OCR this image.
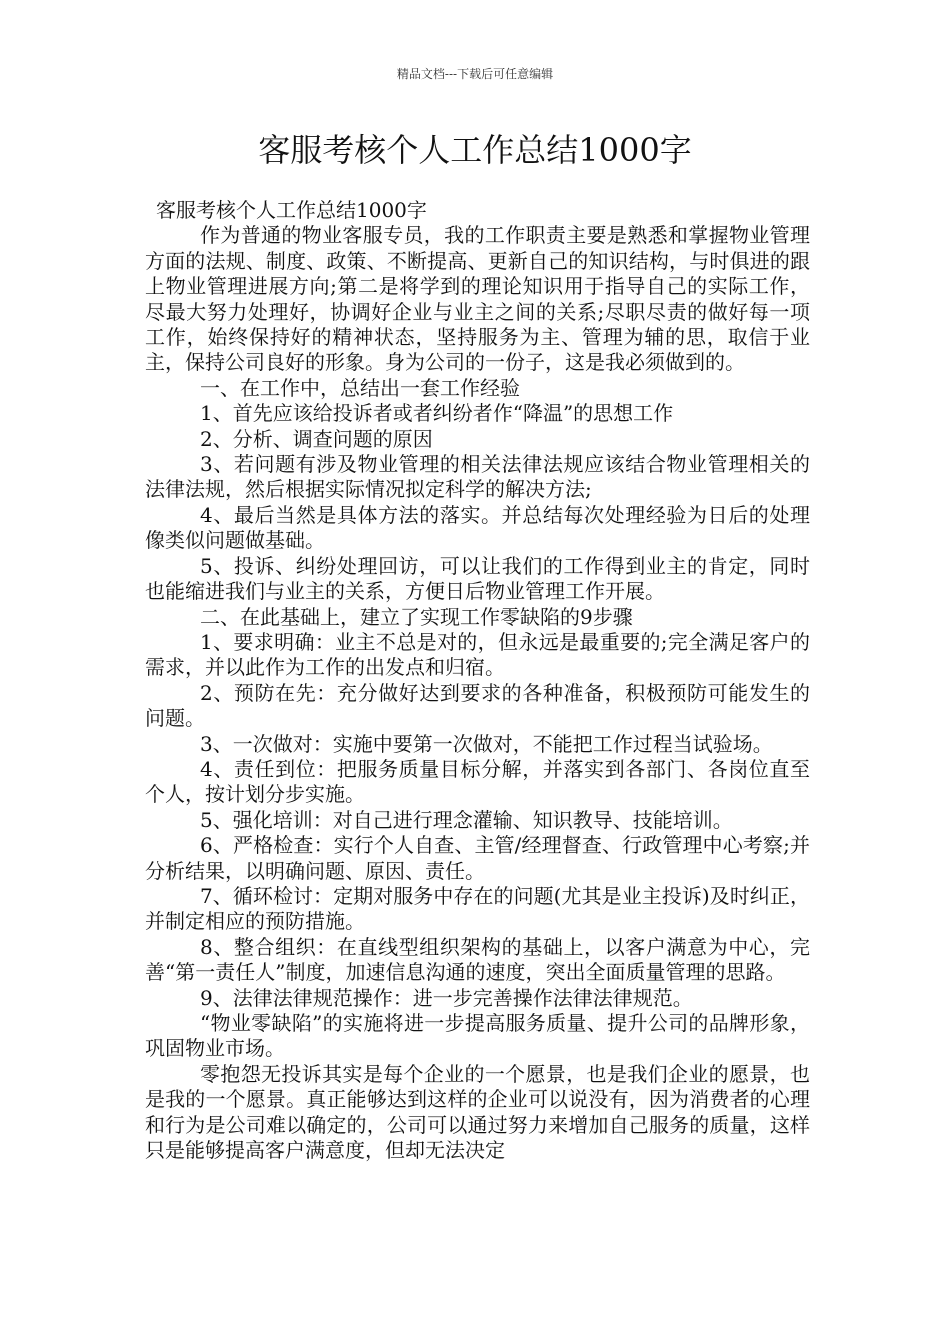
精品文档---下载后可任意编辑
客服考核个人工作总结1000字

客服考核个人工作总结1000字

作为普通的物业客服专员，我的工作职责主要是熟悉和掌握物业管理方面的法规、制度、政策、不断提高、更新自己的知识结构，与时俱进的跟上物业管理进展方向;第二是将学到的理论知识用于指导自己的实际工作，尽最大努力处理好，协调好企业与业主之间的关系;尽职尽责的做好每一项工作，始终保持好的精神状态，坚持服务为主、管理为辅的思，取信于业主，保持公司良好的形象。身为公司的一份子，这是我必须做到的。

一、在工作中，总结出一套工作经验

1、首先应该给投诉者或者纠纷者作“降温”的思想工作

2、分析、调查问题的原因

3、若问题有涉及物业管理的相关法律法规应该结合物业管理相关的法律法规，然后根据实际情况拟定科学的解决方法;

4、最后当然是具体方法的落实。并总结每次处理经验为日后的处理像类似问题做基础。

5、投诉、纠纷处理回访，可以让我们的工作得到业主的肯定，同时也能缩进我们与业主的关系，方便日后物业管理工作开展。

二、在此基础上，建立了实现工作零缺陷的9步骤

1、要求明确：业主不总是对的，但永远是最重要的;完全满足客户的需求，并以此作为工作的出发点和归宿。

2、预防在先：充分做好达到要求的各种准备，积极预防可能发生的问题。

3、一次做对：实施中要第一次做对，不能把工作过程当试验场。

4、责任到位：把服务质量目标分解，并落实到各部门、各岗位直至个人，按计划分步实施。

5、强化培训：对自己进行理念灌输、知识教导、技能培训。

6、严格检查：实行个人自查、主管/经理督查、行政管理中心考察;并分析结果，以明确问题、原因、责任。

7、循环检讨：定期对服务中存在的问题(尤其是业主投诉)及时纠正，并制定相应的预防措施。

8、整合组织：在直线型组织架构的基础上，以客户满意为中心，完善“第一责任人”制度，加速信息沟通的速度，突出全面质量管理的思路。

9、法律法律规范操作：进一步完善操作法律法律规范。

“物业零缺陷”的实施将进一步提高服务质量、提升公司的品牌形象，巩固物业市场。

零抱怨无投诉其实是每个企业的一个愿景，也是我们企业的愿景，也是我的一个愿景。真正能够达到这样的企业可以说没有，因为消费者的心理和行为是公司难以确定的，公司可以通过努力来增加自己服务的质量，这样只是能够提高客户满意度，但却无法决定
